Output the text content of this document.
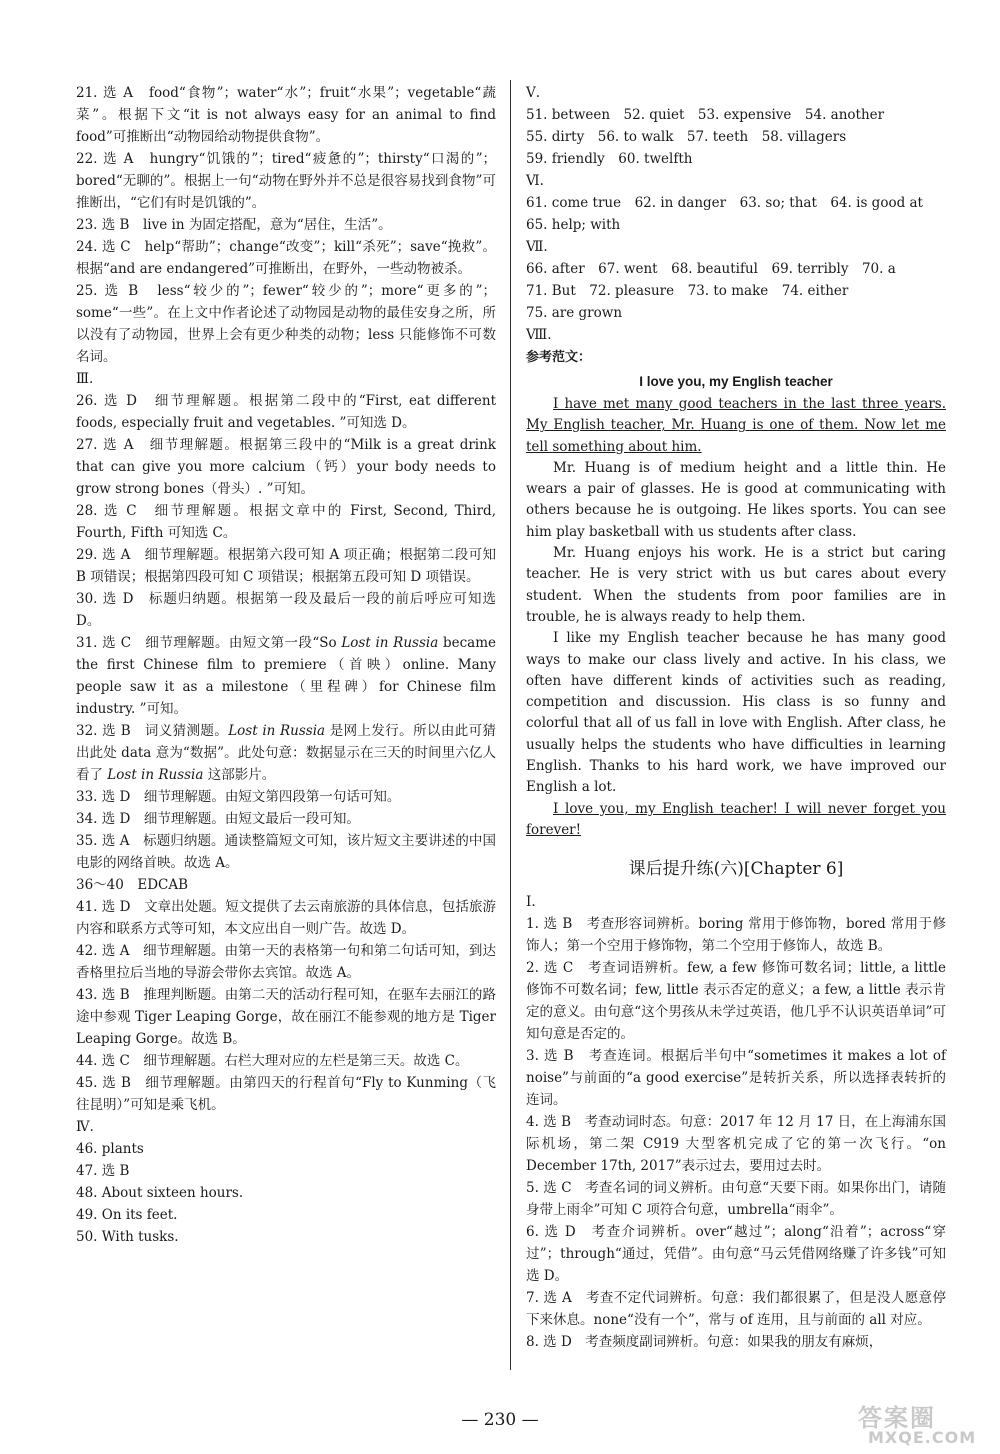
21. 选 A　food“食物”；water“水”；fruit“水果”；vegetable“蔬菜”。根据下文“it is not always easy for an animal to find food”可推断出“动物园给动物提供食物”。

22. 选 A　hungry“饥饿的”；tired“疲惫的”；thirsty“口渴的”；bored“无聊的”。根据上一句“动物在野外并不总是很容易找到食物”可推断出，“它们有时是饥饿的”。

23. 选 B　live in 为固定搭配，意为“居住，生活”。

24. 选 C　help“帮助”；change“改变”；kill“杀死”；save“挽救”。根据“and are endangered”可推断出，在野外，一些动物被杀。

25. 选 B　less“较少的”；fewer“较少的”；more“更多的”；some“一些”。在上文中作者论述了动物园是动物的最佳安身之所，所以没有了动物园，世界上会有更少种类的动物；less 只能修饰不可数名词。

Ⅲ.

26. 选 D　细节理解题。根据第二段中的“First, eat different foods, especially fruit and vegetables. ”可知选 D。

27. 选 A　细节理解题。根据第三段中的“Milk is a great drink that can give you more calcium（钙）your body needs to grow strong bones（骨头）. ”可知。

28. 选 C　细节理解题。根据文章中的 First, Second, Third, Fourth, Fifth 可知选 C。

29. 选 A　细节理解题。根据第六段可知 A 项正确；根据第二段可知 B 项错误；根据第四段可知 C 项错误；根据第五段可知 D 项错误。

30. 选 D　标题归纳题。根据第一段及最后一段的前后呼应可知选 D。

31. 选 C　细节理解题。由短文第一段“So Lost in Russia became the first Chinese film to premiere（首映）online. Many people saw it as a milestone（里程碑）for Chinese film industry. ”可知。

32. 选 B　词义猜测题。Lost in Russia 是网上发行。所以由此可猜出此处 data 意为“数据”。此处句意：数据显示在三天的时间里六亿人看了 Lost in Russia 这部影片。

33. 选 D　细节理解题。由短文第四段第一句话可知。

34. 选 D　细节理解题。由短文最后一段可知。

35. 选 A　标题归纳题。通读整篇短文可知，该片短文主要讲述的中国电影的网络首映。故选 A。

36～40　EDCAB

41. 选 D　文章出处题。短文提供了去云南旅游的具体信息，包括旅游内容和联系方式等可知，本文应出自一则广告。故选 D。

42. 选 A　细节理解题。由第一天的表格第一句和第二句话可知，到达香格里拉后当地的导游会带你去宾馆。故选 A。

43. 选 B　推理判断题。由第二天的活动行程可知，在驱车去丽江的路途中参观 Tiger Leaping Gorge，故在丽江不能参观的地方是 Tiger Leaping Gorge。故选 B。

44. 选 C　细节理解题。右栏大理对应的左栏是第三天。故选 C。

45. 选 B　细节理解题。由第四天的行程首句“Fly to Kunming（飞往昆明）”可知是乘飞机。

Ⅳ.

46. plants

47. 选 B

48. About sixteen hours.

49. On its feet.

50. With tusks.

Ⅴ.

51. between　52. quiet　53. expensive　54. another

55. dirty　56. to walk　57. teeth　58. villagers

59. friendly　60. twelfth

Ⅵ.

61. come true　62. in danger　63. so; that　64. is good at

65. help; with

Ⅶ.

66. after　67. went　68. beautiful　69. terribly　70. a

71. But　72. pleasure　73. to make　74. either

75. are grown

Ⅷ.

参考范文：

I love you, my English teacher

I have met many good teachers in the last three years. My English teacher, Mr. Huang is one of them. Now let me tell something about him.

Mr. Huang is of medium height and a little thin. He wears a pair of glasses. He is good at communicating with others because he is outgoing. He likes sports. You can see him play basketball with us students after class.

Mr. Huang enjoys his work. He is a strict but caring teacher. He is very strict with us but cares about every student. When the students from poor families are in trouble, he is always ready to help them.

I like my English teacher because he has many good ways to make our class lively and active. In his class, we often have different kinds of activities such as reading, competition and discussion. His class is so funny and colorful that all of us fall in love with English. After class, he usually helps the students who have difficulties in learning English. Thanks to his hard work, we have improved our English a lot.

I love you, my English teacher! I will never forget you forever!

课后提升练(六)[Chapter 6]

Ⅰ.

1. 选 B　考查形容词辨析。boring 常用于修饰物，bored 常用于修饰人；第一个空用于修饰物，第二个空用于修饰人，故选 B。

2. 选 C　考查词语辨析。few, a few 修饰可数名词；little, a little 修饰不可数名词；few, little 表示否定的意义；a few, a little 表示肯定的意义。由句意“这个男孩从未学过英语，他几乎不认识英语单词”可知句意是否定的。

3. 选 B　考查连词。根据后半句中“sometimes it makes a lot of noise”与前面的“a good exercise”是转折关系，所以选择表转折的连词。

4. 选 B　考查动词时态。句意：2017 年 12 月 17 日，在上海浦东国际机场，第二架 C919 大型客机完成了它的第一次飞行。“on December 17th, 2017”表示过去，要用过去时。

5. 选 C　考查名词的词义辨析。由句意“天要下雨。如果你出门，请随身带上雨伞”可知 C 项符合句意，umbrella“雨伞”。

6. 选 D　考查介词辨析。over“越过”；along“沿着”；across“穿过”；through“通过，凭借”。由句意“马云凭借网络赚了许多钱”可知选 D。

7. 选 A　考查不定代词辨析。句意：我们都很累了，但是没人愿意停下来休息。none“没有一个”，常与 of 连用，且与前面的 all 对应。

8. 选 D　考查频度副词辨析。句意：如果我的朋友有麻烦，

— 230 —	答案圈
MXQE.COM
